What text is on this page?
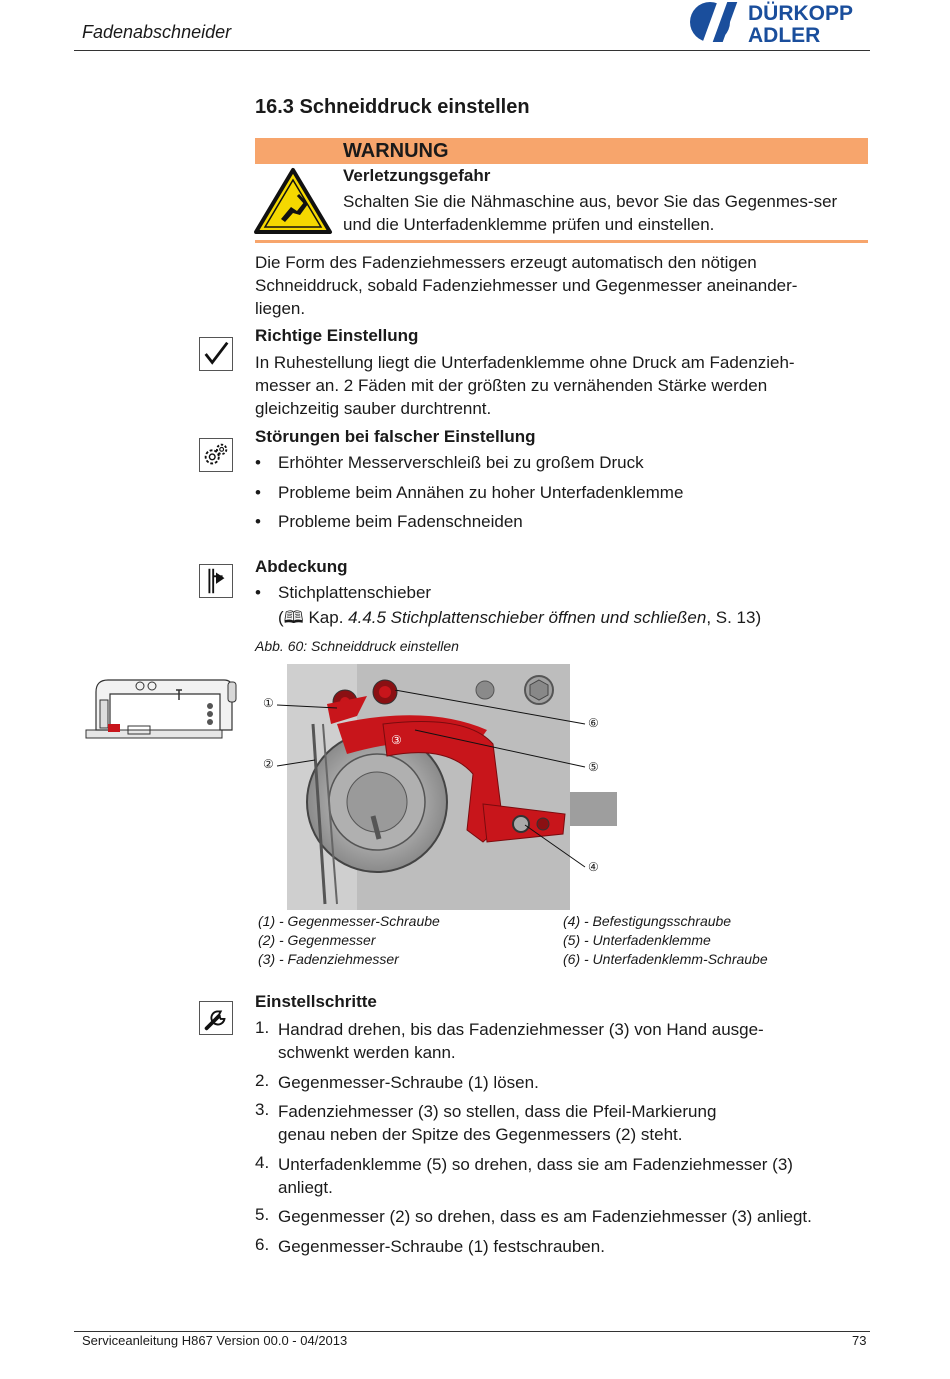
Fadenabschneider
DÜRKOPP
ADLER
16.3 Schneiddruck einstellen
WARNUNG
Verletzungsgefahr
Schalten Sie die Nähmaschine aus, bevor Sie das Gegenmes-ser und die Unterfadenklemme prüfen und einstellen.
Die Form des Fadenziehmessers erzeugt automatisch den nötigen
Schneiddruck, sobald Fadenziehmesser und Gegenmesser aneinander-
liegen.
Richtige Einstellung
In Ruhestellung liegt die Unterfadenklemme ohne Druck am Fadenzieh-
messer an. 2 Fäden mit der größten zu vernähenden Stärke werden
gleichzeitig sauber durchtrennt.
Störungen bei falscher Einstellung
• Erhöhter Messerverschleiß bei zu großem Druck
• Probleme beim Annähen zu hoher Unterfadenklemme
• Probleme beim Fadenschneiden
Abdeckung
• Stichplattenschieber
(🕮 Kap. 4.4.5 Stichplattenschieber öffnen und schließen, S. 13)
Abb. 60: Schneiddruck einstellen
①
②
③
④
⑤
⑥
(1) - Gegenmesser-Schraube
(2) - Gegenmesser
(3) - Fadenziehmesser
(4) - Befestigungsschraube
(5) - Unterfadenklemme
(6) - Unterfadenklemm-Schraube
Einstellschritte
1. Handrad drehen, bis das Fadenziehmesser (3) von Hand ausge-
schwenkt werden kann.
2. Gegenmesser-Schraube (1) lösen.
3. Fadenziehmesser (3) so stellen, dass die Pfeil-Markierung
genau neben der Spitze des Gegenmessers (2) steht.
4. Unterfadenklemme (5) so drehen, dass sie am Fadenziehmesser (3)
anliegt.
5. Gegenmesser (2) so drehen, dass es am Fadenziehmesser (3) anliegt.
6. Gegenmesser-Schraube (1) festschrauben.
Serviceanleitung H867 Version 00.0 - 04/2013	73
